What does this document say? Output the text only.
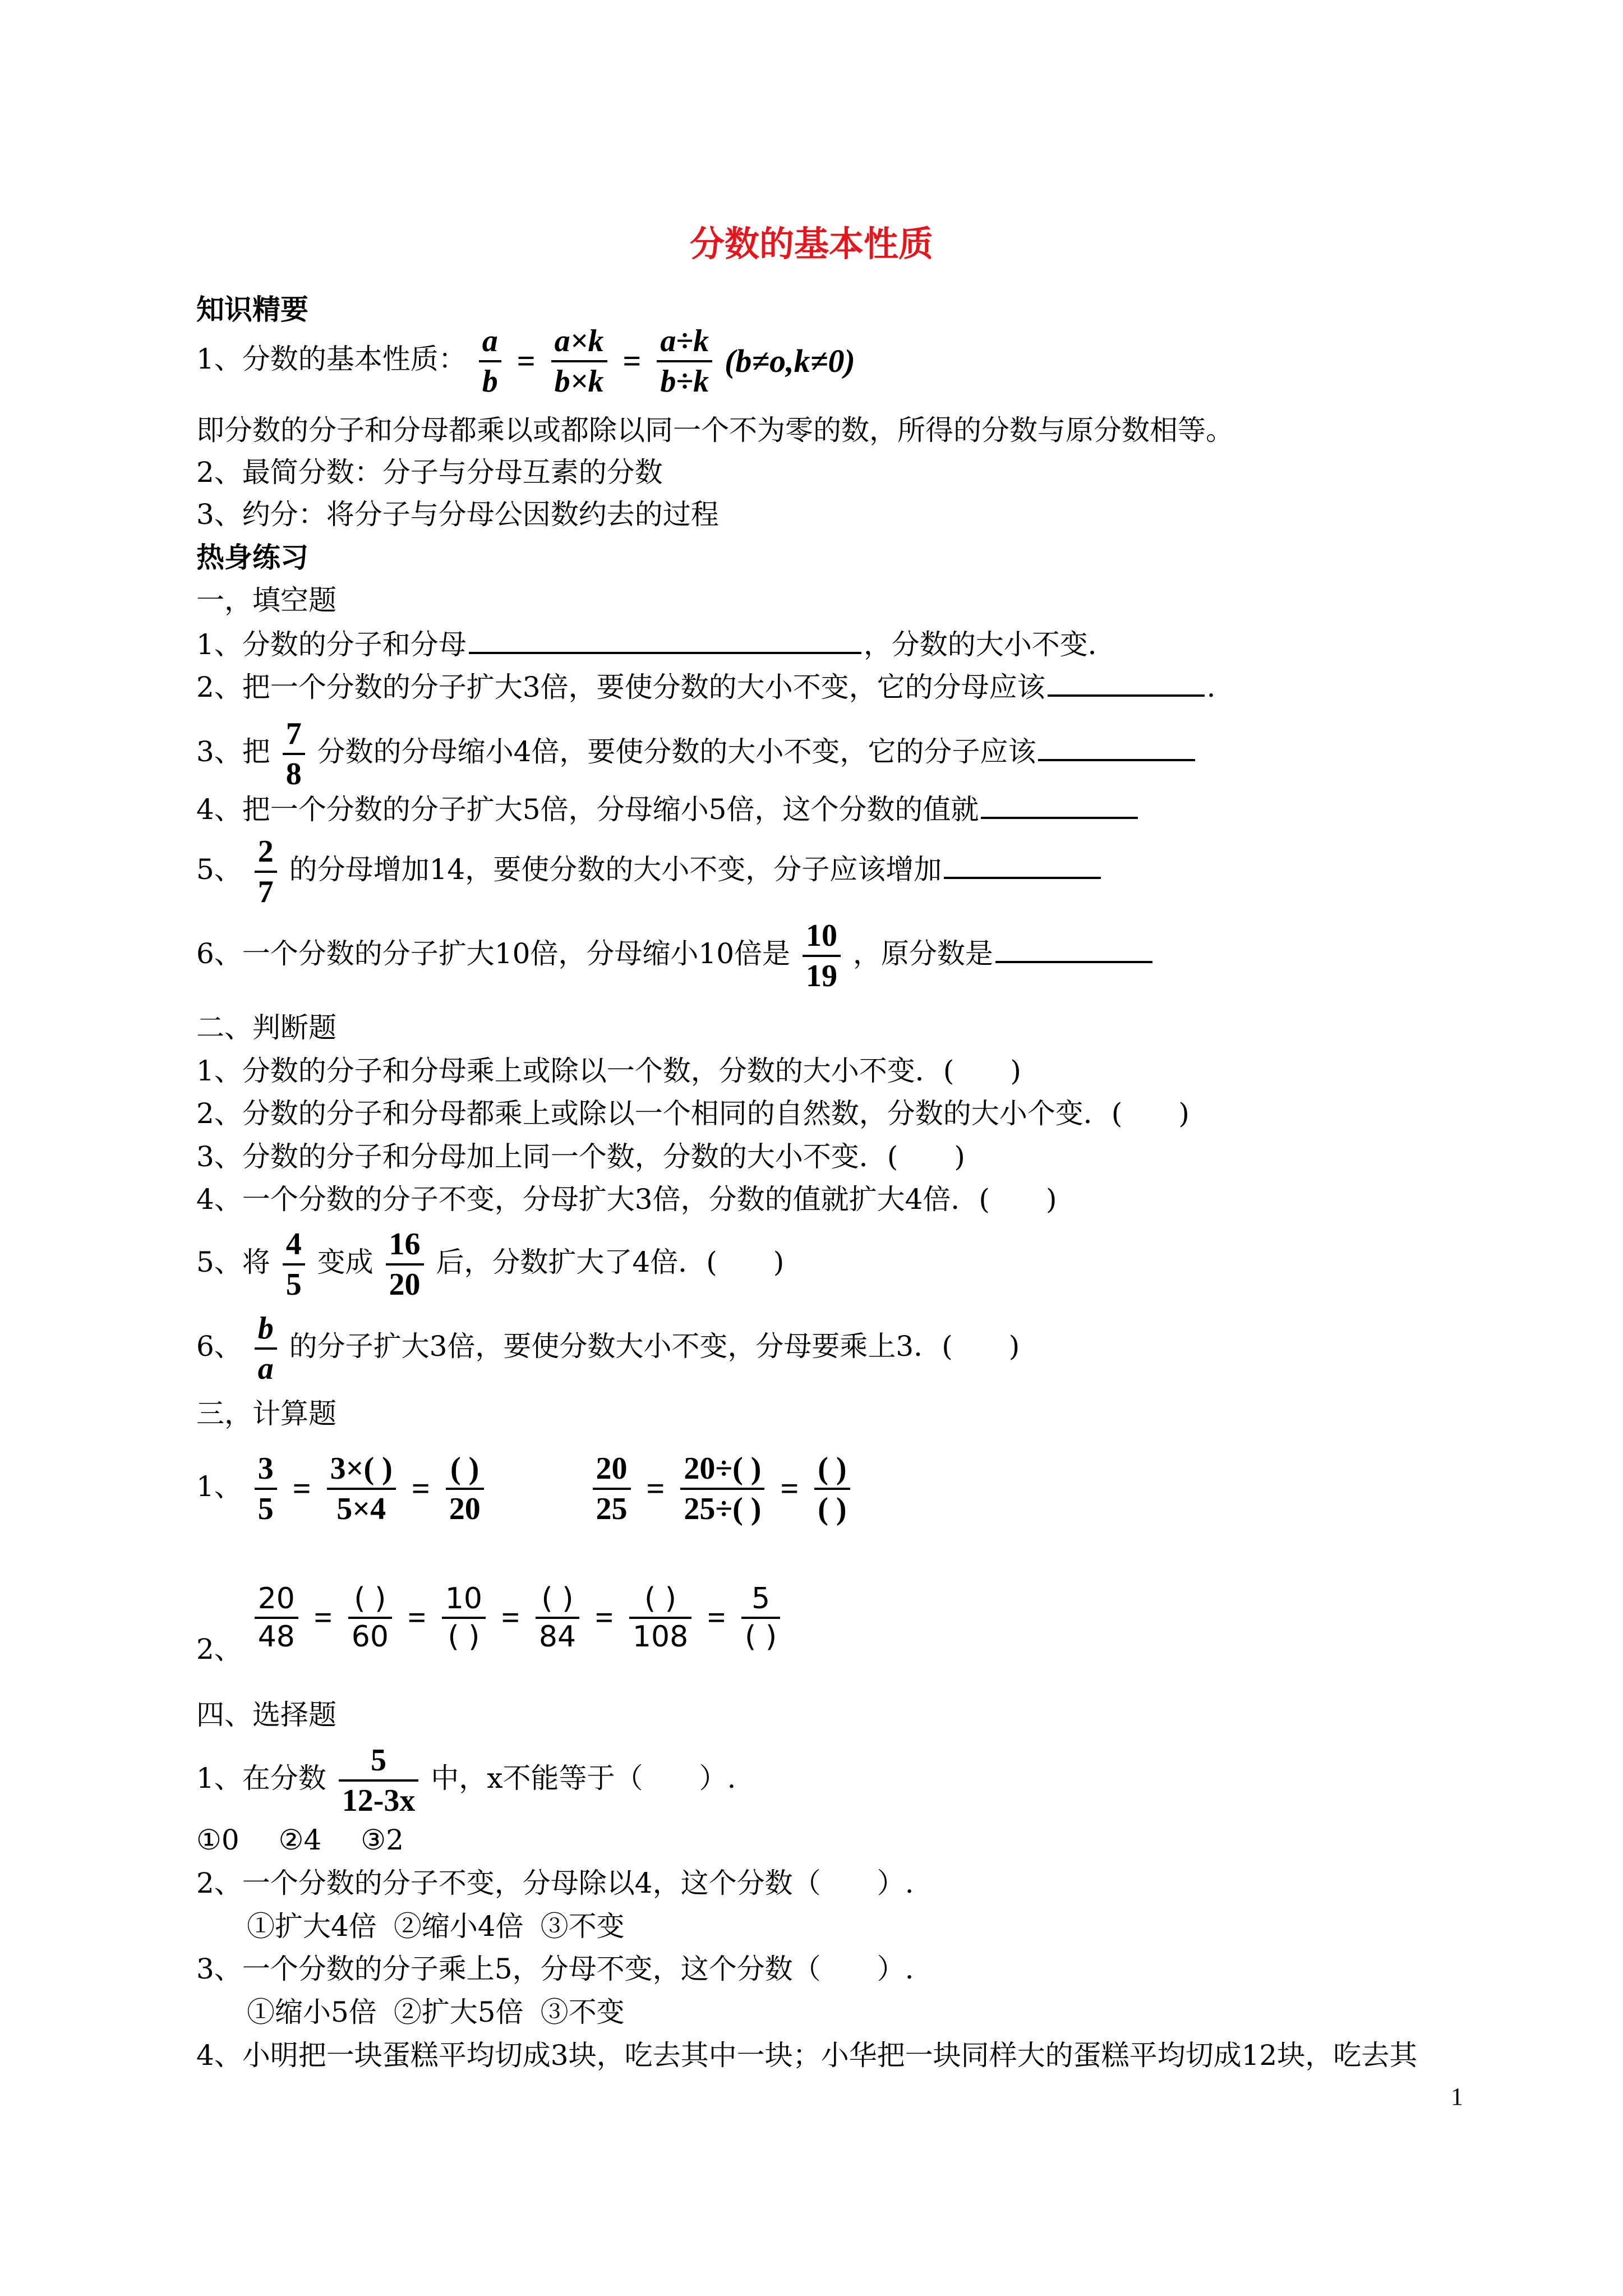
分数的基本性质
知识精要
1、分数的基本性质： $\frac{a}{b} = \frac{a\times k}{b\times k} = \frac{a\div k}{b\div k} (b\ne o,k\ne 0)$
即分数的分子和分母都乘以或都除以同一个不为零的数，所得的分数与原分数相等。
2、最简分数：分子与分母互素的分数
3、约分：将分子与分母公因数约去的过程
热身练习
一，填空题
1、分数的分子和分母	，分数的大小不变．
2、把一个分数的分子扩大3倍，要使分数的大小不变，它的分母应该	.
3、把 $\frac{7}{8}$ 分数的分母缩小4倍，要使分数的大小不变，它的分子应该
4、把一个分数的分子扩大5倍，分母缩小5倍，这个分数的值就
5、 $\frac{2}{7}$ 的分母增加14，要使分数的大小不变，分子应该增加
6、一个分数的分子扩大10倍，分母缩小10倍是 $\frac{10}{19}$ ，原分数是
二、判断题
1、分数的分子和分母乘上或除以一个数，分数的大小不变．(　　)
2、分数的分子和分母都乘上或除以一个相同的自然数，分数的大小个变．(　　)
3、分数的分子和分母加上同一个数，分数的大小不变．(　　)
4、一个分数的分子不变，分母扩大3倍，分数的值就扩大4倍．(　　)
5、将 $\frac{4}{5}$ 变成 $\frac{16}{20}$ 后，分数扩大了4倍．(　　)
6、 $\frac{b}{a}$ 的分子扩大3倍，要使分数大小不变，分母要乘上3．(　　)
三，计算题
1、 $\frac{3}{5} = \frac{3\times( )}{5\times 4} = \frac{( )}{20}$
	$\frac{20}{25} = \frac{20\div( )}{25\div( )} = \frac{( )}{( )}$
2、 $\frac{20}{48} = \frac{( )}{60} = \frac{10}{( )} = \frac{( )}{84} = \frac{( )}{108} = \frac{5}{( )}$
四、选择题
1、在分数 $\frac{5}{12-3x}$ 中，x不能等于（　　）.
①0 ②4 ③2
2、一个分数的分子不变，分母除以4，这个分数（　　）.
①扩大4倍 ②缩小4倍 ③不变
3、一个分数的分子乘上5，分母不变，这个分数（　　）.
①缩小5倍 ②扩大5倍 ③不变
4、小明把一块蛋糕平均切成3块，吃去其中一块；小华把一块同样大的蛋糕平均切成12块，吃去其
1
